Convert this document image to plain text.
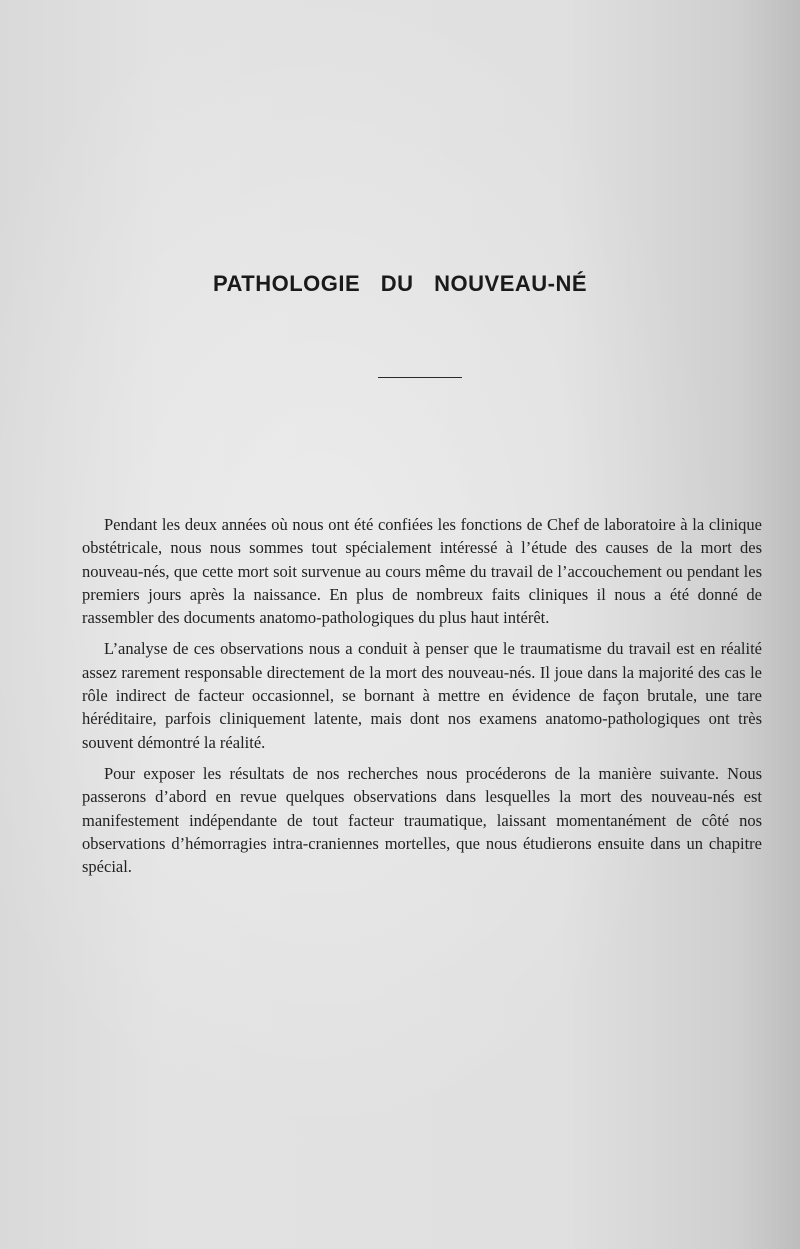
PATHOLOGIE DU NOUVEAU-NÉ

Pendant les deux années où nous ont été confiées les fonctions de Chef de laboratoire à la clinique obstétricale, nous nous sommes tout spécialement intéressé à l’étude des causes de la mort des nouveau-nés, que cette mort soit survenue au cours même du travail de l’accouchement ou pendant les premiers jours après la naissance. En plus de nombreux faits cliniques il nous a été donné de rassembler des documents anatomo-pathologiques du plus haut intérêt.

L’analyse de ces observations nous a conduit à penser que le traumatisme du travail est en réalité assez rarement responsable directement de la mort des nouveau-nés. Il joue dans la majorité des cas le rôle indirect de facteur occasionnel, se bornant à mettre en évidence de façon brutale, une tare héréditaire, parfois cliniquement latente, mais dont nos examens anatomo-pathologiques ont très souvent démontré la réalité.

Pour exposer les résultats de nos recherches nous procéderons de la manière suivante. Nous passerons d’abord en revue quelques observations dans lesquelles la mort des nouveau-nés est manifestement indépendante de tout facteur traumatique, laissant momentanément de côté nos observations d’hémorragies intra-craniennes mortelles, que nous étudierons ensuite dans un chapitre spécial.
